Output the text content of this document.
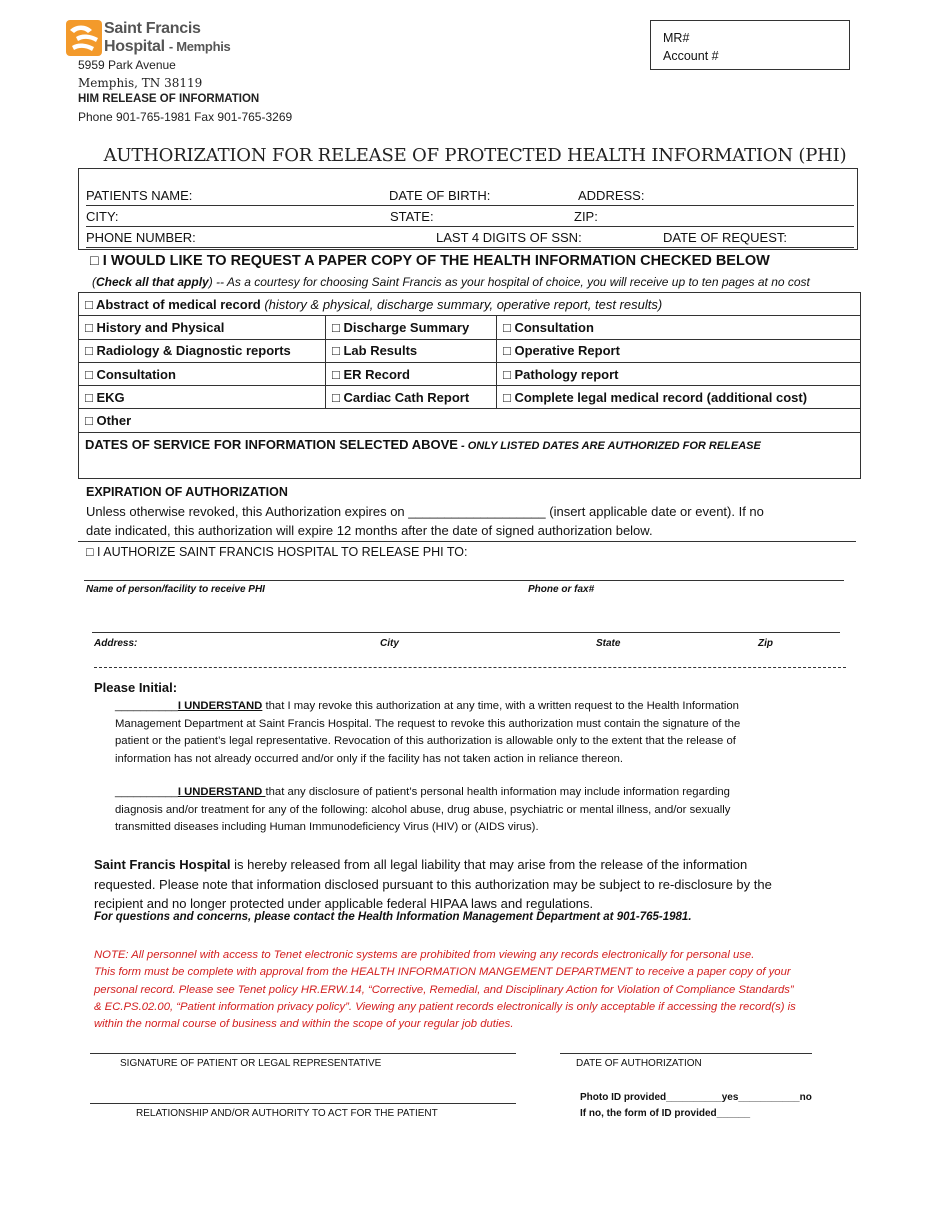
Saint Francis
Hospital - Memphis
5959 Park Avenue
Memphis, TN 38119
HIM RELEASE OF INFORMATION
Phone 901-765-1981 Fax 901-765-3269
MR#
Account #
AUTHORIZATION FOR RELEASE OF PROTECTED HEALTH INFORMATION (PHI)
PATIENTS NAME:	DATE OF BIRTH:	ADDRESS:
CITY:	STATE:	ZIP:
PHONE NUMBER:	LAST 4 DIGITS OF SSN:	DATE OF REQUEST:
□ I WOULD LIKE TO REQUEST A PAPER COPY OF THE HEALTH INFORMATION CHECKED BELOW
(Check all that apply) -- As a courtesy for choosing Saint Francis as your hospital of choice, you will receive up to ten pages at no cost
□ Abstract of medical record (history & physical, discharge summary, operative report, test results)		
□ History and Physical	□ Discharge Summary	□ Consultation
□ Radiology & Diagnostic reports	□ Lab Results	□ Operative Report
□ Consultation	□ ER Record	□ Pathology report
□ EKG	□ Cardiac Cath Report	□ Complete legal medical record (additional cost)
□ Other		
DATES OF SERVICE FOR INFORMATION SELECTED ABOVE - ONLY LISTED DATES ARE AUTHORIZED FOR RELEASE		
EXPIRATION OF AUTHORIZATION
Unless otherwise revoked, this Authorization expires on ___________________ (insert applicable date or event). If no
date indicated, this authorization will expire 12 months after the date of signed authorization below.
□ I AUTHORIZE SAINT FRANCIS HOSPITAL TO RELEASE PHI TO:
Name of person/facility to receive PHI	Phone or fax#
Address:	City	State	Zip
Please Initial:
__________I UNDERSTAND that I may revoke this authorization at any time, with a written request to the Health Information
Management Department at Saint Francis Hospital. The request to revoke this authorization must contain the signature of the
patient or the patient’s legal representative. Revocation of this authorization is allowable only to the extent that the release of
information has not already occurred and/or only if the facility has not taken action in reliance thereon.
__________I UNDERSTAND that any disclosure of patient’s personal health information may include information regarding
diagnosis and/or treatment for any of the following: alcohol abuse, drug abuse, psychiatric or mental illness, and/or sexually
transmitted diseases including Human Immunodeficiency Virus (HIV) or (AIDS virus).
Saint Francis Hospital is hereby released from all legal liability that may arise from the release of the information
requested. Please note that information disclosed pursuant to this authorization may be subject to re-disclosure by the
recipient and no longer protected under applicable federal HIPAA laws and regulations.
For questions and concerns, please contact the Health Information Management Department at 901-765-1981.
NOTE: All personnel with access to Tenet electronic systems are prohibited from viewing any records electronically for personal use.
This form must be complete with approval from the HEALTH INFORMATION MANGEMENT DEPARTMENT to receive a paper copy of your
personal record. Please see Tenet policy HR.ERW.14, “Corrective, Remedial, and Disciplinary Action for Violation of Compliance Standards”
& EC.PS.02.00, “Patient information privacy policy”. Viewing any patient records electronically is only acceptable if accessing the record(s) is
within the normal course of business and within the scope of your regular job duties.
SIGNATURE OF PATIENT OR LEGAL REPRESENTATIVE	DATE OF AUTHORIZATION
RELATIONSHIP AND/OR AUTHORITY TO ACT FOR THE PATIENT
Photo ID provided__________yes___________no
If no, the form of ID provided______
